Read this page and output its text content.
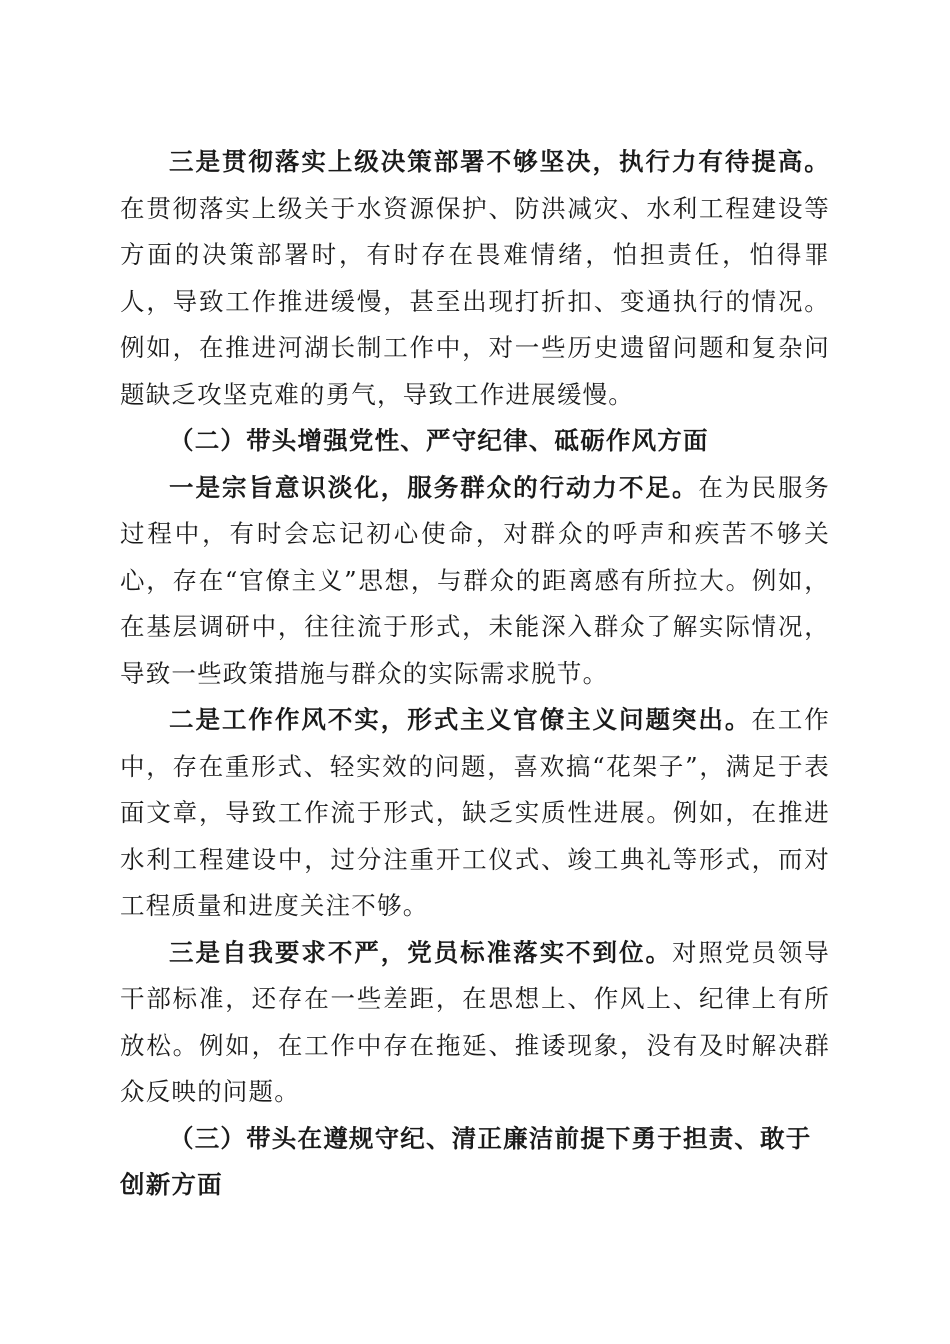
三是贯彻落实上级决策部署不够坚决，执行力有待提高。在贯彻落实上级关于水资源保护、防洪减灾、水利工程建设等方面的决策部署时，有时存在畏难情绪，怕担责任，怕得罪人，导致工作推进缓慢，甚至出现打折扣、变通执行的情况。例如，在推进河湖长制工作中，对一些历史遗留问题和复杂问题缺乏攻坚克难的勇气，导致工作进展缓慢。

（二）带头增强党性、严守纪律、砥砺作风方面

一是宗旨意识淡化，服务群众的行动力不足。在为民服务过程中，有时会忘记初心使命，对群众的呼声和疾苦不够关心，存在“官僚主义”思想，与群众的距离感有所拉大。例如，在基层调研中，往往流于形式，未能深入群众了解实际情况，导致一些政策措施与群众的实际需求脱节。

二是工作作风不实，形式主义官僚主义问题突出。在工作中，存在重形式、轻实效的问题，喜欢搞“花架子”，满足于表面文章，导致工作流于形式，缺乏实质性进展。例如，在推进水利工程建设中，过分注重开工仪式、竣工典礼等形式，而对工程质量和进度关注不够。

三是自我要求不严，党员标准落实不到位。对照党员领导干部标准，还存在一些差距，在思想上、作风上、纪律上有所放松。例如，在工作中存在拖延、推诿现象，没有及时解决群众反映的问题。

（三）带头在遵规守纪、清正廉洁前提下勇于担责、敢于创新方面
